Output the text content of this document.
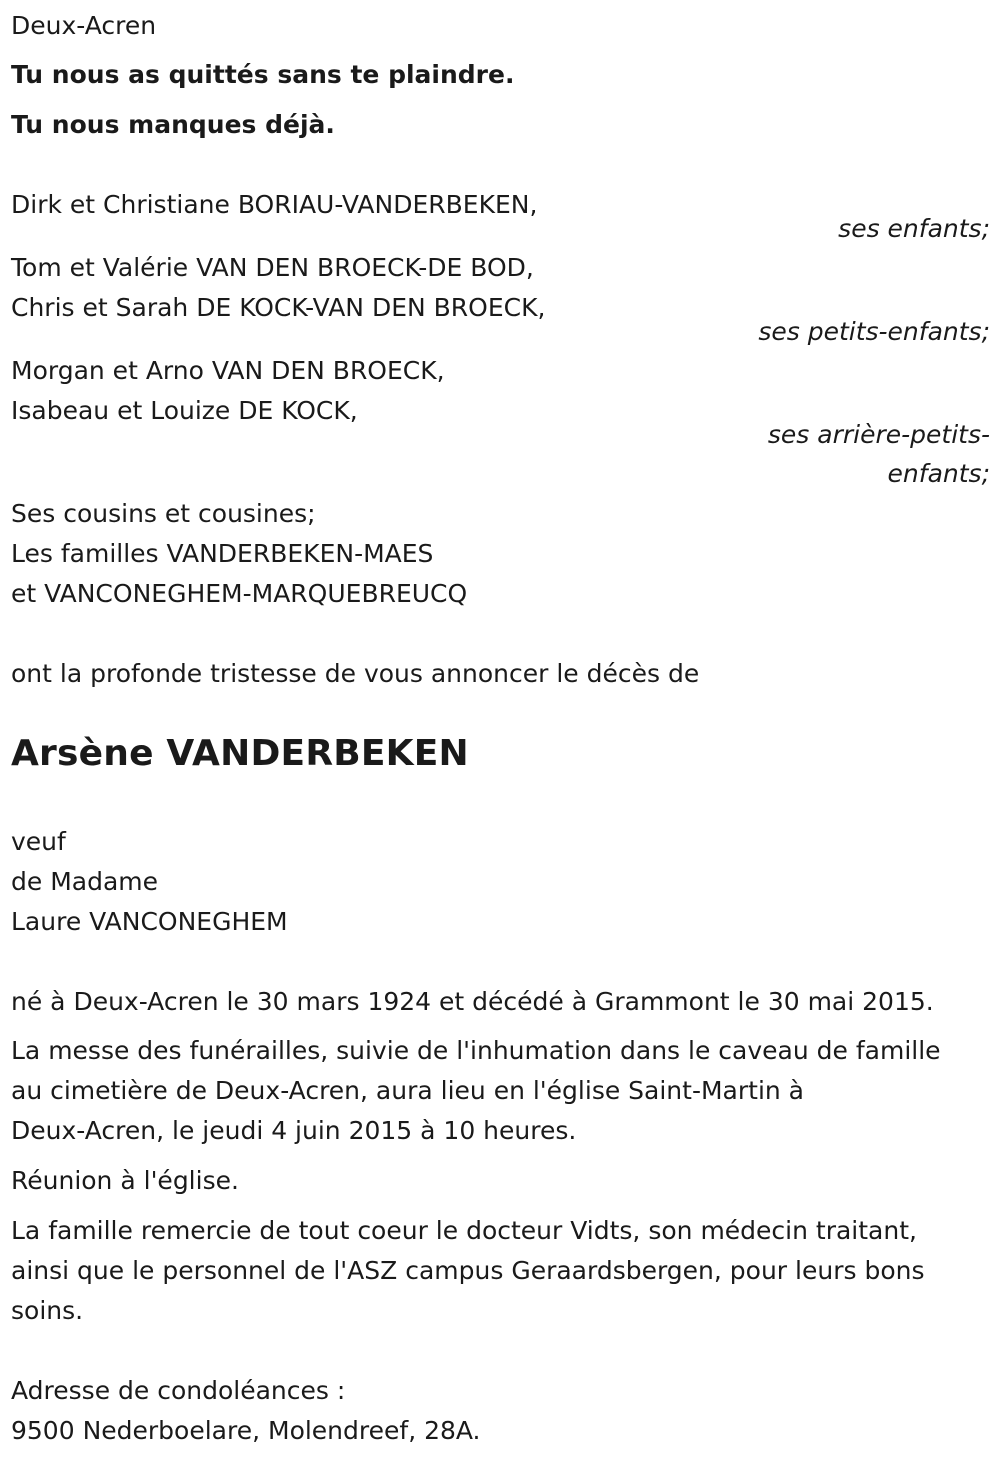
Deux-Acren
Tu nous as quittés sans te plaindre.
Tu nous manques déjà.
Dirk et Christiane BORIAU-VANDERBEKEN,
ses enfants;
Tom et Valérie VAN DEN BROECK-DE BOD,
Chris et Sarah DE KOCK-VAN DEN BROECK,
ses petits-enfants;
Morgan et Arno VAN DEN BROECK,
Isabeau et Louize DE KOCK,
ses arrière-petits-
enfants;
Ses cousins et cousines;
Les familles VANDERBEKEN-MAES
et VANCONEGHEM-MARQUEBREUCQ
ont la profonde tristesse de vous annoncer le décès de
Arsène VANDERBEKEN
veuf
de Madame
Laure VANCONEGHEM
né à Deux-Acren le 30 mars 1924 et décédé à Grammont le 30 mai 2015.
La messe des funérailles, suivie de l'inhumation dans le caveau de famille
au cimetière de Deux-Acren, aura lieu en l'église Saint-Martin à
Deux-Acren, le jeudi 4 juin 2015 à 10 heures.
Réunion à l'église.
La famille remercie de tout coeur le docteur Vidts, son médecin traitant,
ainsi que le personnel de l'ASZ campus Geraardsbergen, pour leurs bons
soins.
Adresse de condoléances :
9500 Nederboelare, Molendreef, 28A.
